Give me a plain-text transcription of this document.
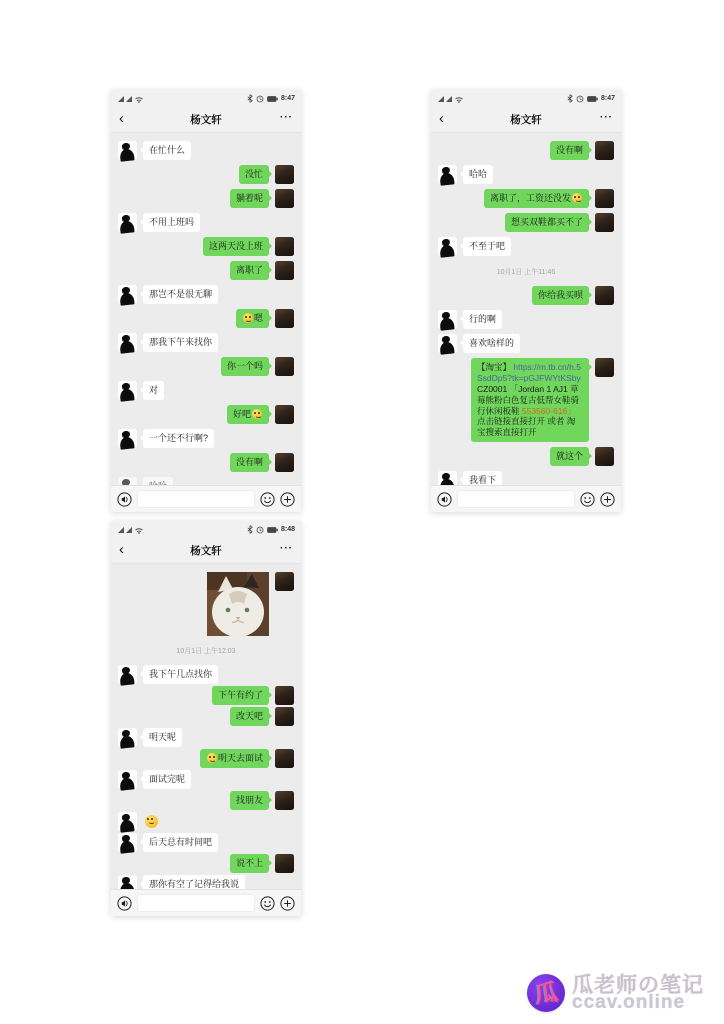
8:47
‹	杨文轩	···
在忙什么
没忙
躺着呢
不用上班吗
这两天没上班
离职了
那岂不是很无聊
嗯
那我下午来找你
你一个吗
对
好吧
一个还不行啊?
没有啊
8:47
‹	杨文轩	···
没有啊
哈哈
离职了，工资还没发
想买双鞋都买不了
不至于吧
10月1日 上午11:46
你给我买呗
行的啊
喜欢啥样的
【淘宝】 https://m.tb.cn/h.5SsdDp5?tk=pGJFWYtKSby CZ0001 「Jordan 1 AJ1 草莓熊粉白色复古低帮女鞋骑行休闲板鞋 553560-616」 点击链接直接打开 或者 淘宝搜索直接打开
就这个
我看下
8:48
‹	杨文轩	···
10月1日 上午12:03
我下午几点找你
下午有约了
改天吧
明天呢
明天去面试
面试完呢
找朋友
后天总有时间吧
说不上
那你有空了记得给我说
瓜 瓜老师の笔记
ccav.online
